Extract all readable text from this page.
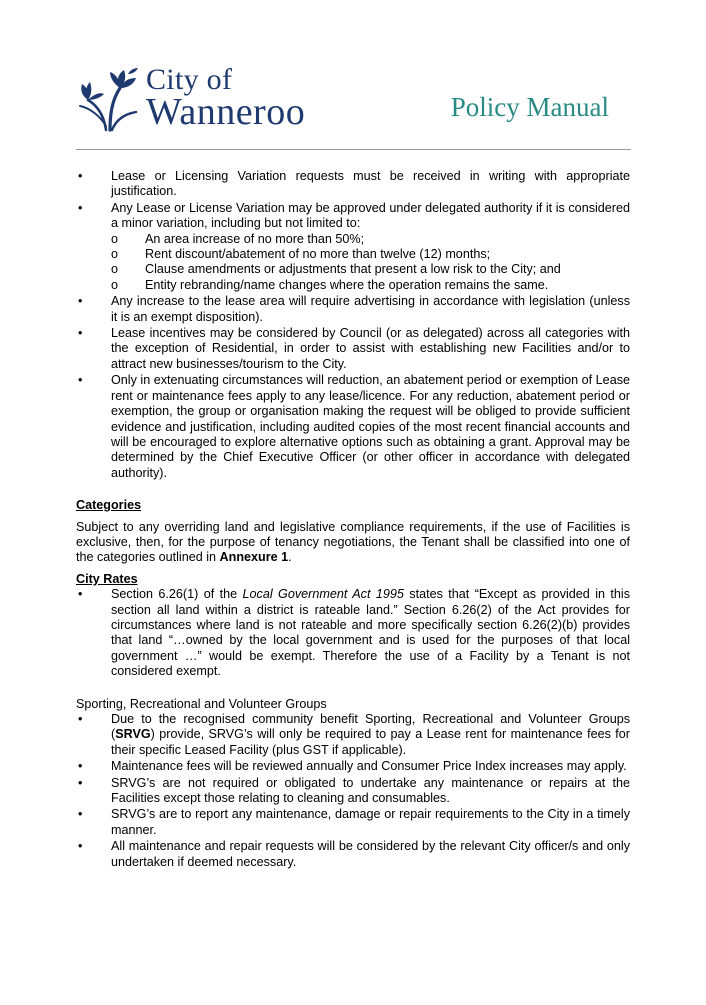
City of
Wanneroo	Policy Manual
• Lease or Licensing Variation requests must be received in writing with appropriate justification.
• Any Lease or License Variation may be approved under delegated authority if it is considered a minor variation, including but not limited to:
o An area increase of no more than 50%;
o Rent discount/abatement of no more than twelve (12) months;
o Clause amendments or adjustments that present a low risk to the City; and
o Entity rebranding/name changes where the operation remains the same.
• Any increase to the lease area will require advertising in accordance with legislation (unless it is an exempt disposition).
• Lease incentives may be considered by Council (or as delegated) across all categories with the exception of Residential, in order to assist with establishing new Facilities and/or to attract new businesses/tourism to the City.
• Only in extenuating circumstances will reduction, an abatement period or exemption of Lease rent or maintenance fees apply to any lease/licence. For any reduction, abatement period or exemption, the group or organisation making the request will be obliged to provide sufficient evidence and justification, including audited copies of the most recent financial accounts and will be encouraged to explore alternative options such as obtaining a grant. Approval may be determined by the Chief Executive Officer (or other officer in accordance with delegated authority).
Categories

Subject to any overriding land and legislative compliance requirements, if the use of Facilities is exclusive, then, for the purpose of tenancy negotiations, the Tenant shall be classified into one of the categories outlined in Annexure 1.

City Rates
• Section 6.26(1) of the Local Government Act 1995 states that “Except as provided in this section all land within a district is rateable land.” Section 6.26(2) of the Act provides for circumstances where land is not rateable and more specifically section 6.26(2)(b) provides that land “…owned by the local government and is used for the purposes of that local government …” would be exempt. Therefore the use of a Facility by a Tenant is not considered exempt.
Sporting, Recreational and Volunteer Groups
• Due to the recognised community benefit Sporting, Recreational and Volunteer Groups (SRVG) provide, SRVG’s will only be required to pay a Lease rent for maintenance fees for their specific Leased Facility (plus GST if applicable).
• Maintenance fees will be reviewed annually and Consumer Price Index increases may apply.
• SRVG’s are not required or obligated to undertake any maintenance or repairs at the Facilities except those relating to cleaning and consumables.
• SRVG’s are to report any maintenance, damage or repair requirements to the City in a timely manner.
• All maintenance and repair requests will be considered by the relevant City officer/s and only undertaken if deemed necessary.
